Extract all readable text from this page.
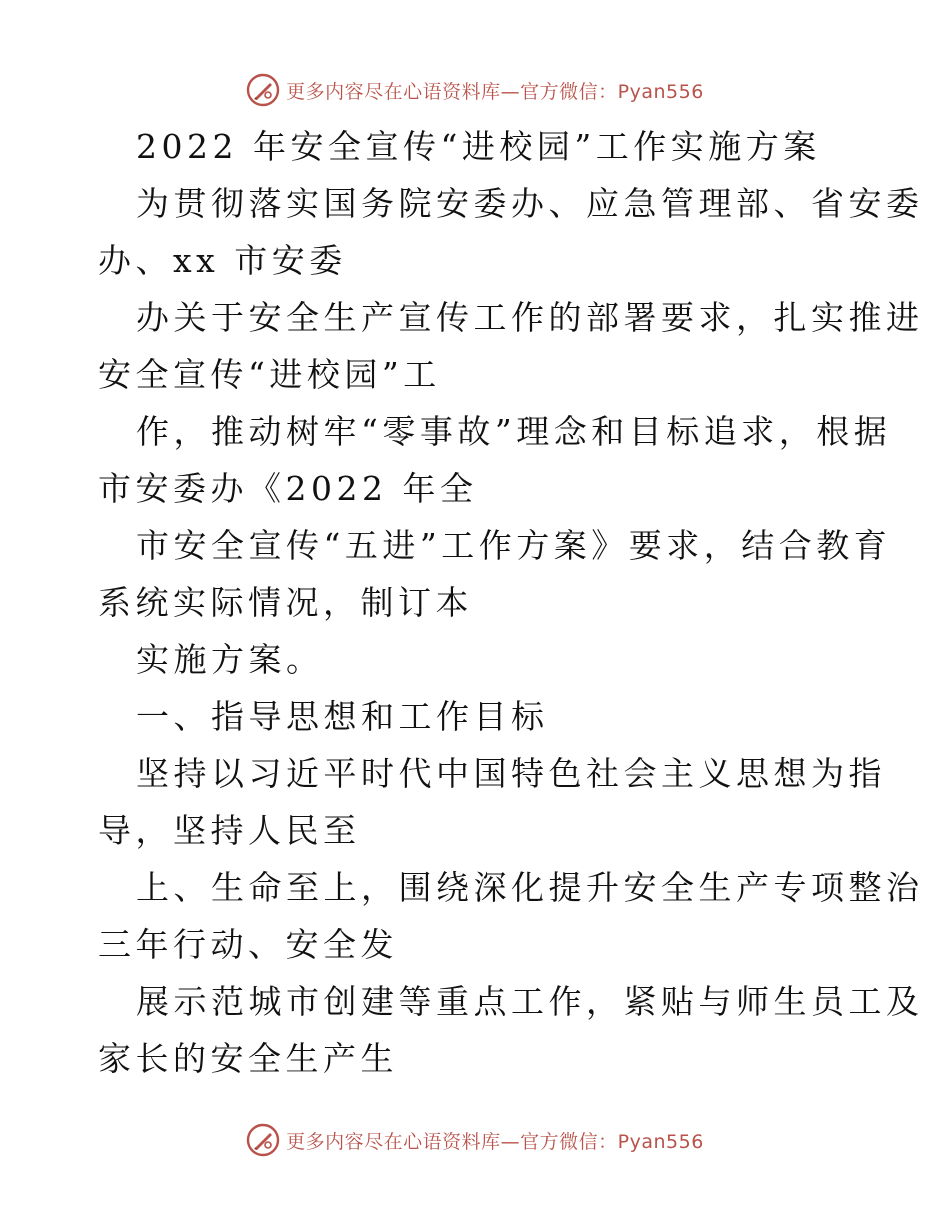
更多内容尽在心语资料库—官方微信：Pyan556
2022 年安全宣传“进校园”工作实施方案
为贯彻落实国务院安委办、应急管理部、省安委
办、xx 市安委
办关于安全生产宣传工作的部署要求，扎实推进
安全宣传“进校园”工
作，推动树牢“零事故”理念和目标追求，根据
市安委办《2022 年全
市安全宣传“五进”工作方案》要求，结合教育
系统实际情况，制订本
实施方案。
一、指导思想和工作目标
坚持以习近平时代中国特色社会主义思想为指
导，坚持人民至
上、生命至上，围绕深化提升安全生产专项整治
三年行动、安全发
展示范城市创建等重点工作，紧贴与师生员工及
家长的安全生产生
更多内容尽在心语资料库—官方微信：Pyan556
